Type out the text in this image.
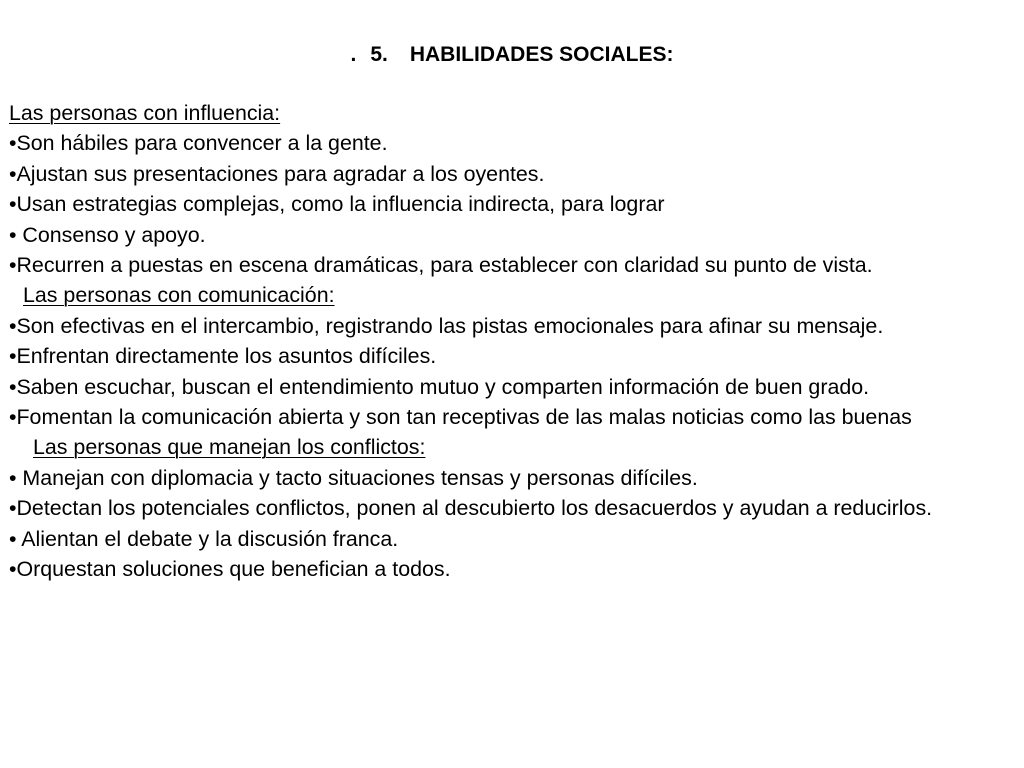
. 5. HABILIDADES SOCIALES:
Las personas con influencia:
•Son hábiles para convencer a la gente.
•Ajustan sus presentaciones para agradar a los oyentes.
•Usan estrategias complejas, como la influencia indirecta, para lograr
• Consenso y apoyo.
•Recurren a puestas en escena dramáticas, para establecer con claridad su punto de vista.
Las personas con comunicación:
•Son efectivas en el intercambio, registrando las pistas emocionales para afinar su mensaje.
•Enfrentan directamente los asuntos difíciles.
•Saben escuchar, buscan el entendimiento mutuo y comparten información de buen grado.
•Fomentan la comunicación abierta y son tan receptivas de las malas noticias como las buenas
Las personas que manejan los conflictos:
• Manejan con diplomacia y tacto situaciones tensas y personas difíciles.
•Detectan los potenciales conflictos, ponen al descubierto los desacuerdos y ayudan a reducirlos.
• Alientan el debate y la discusión franca.
•Orquestan soluciones que benefician a todos.
